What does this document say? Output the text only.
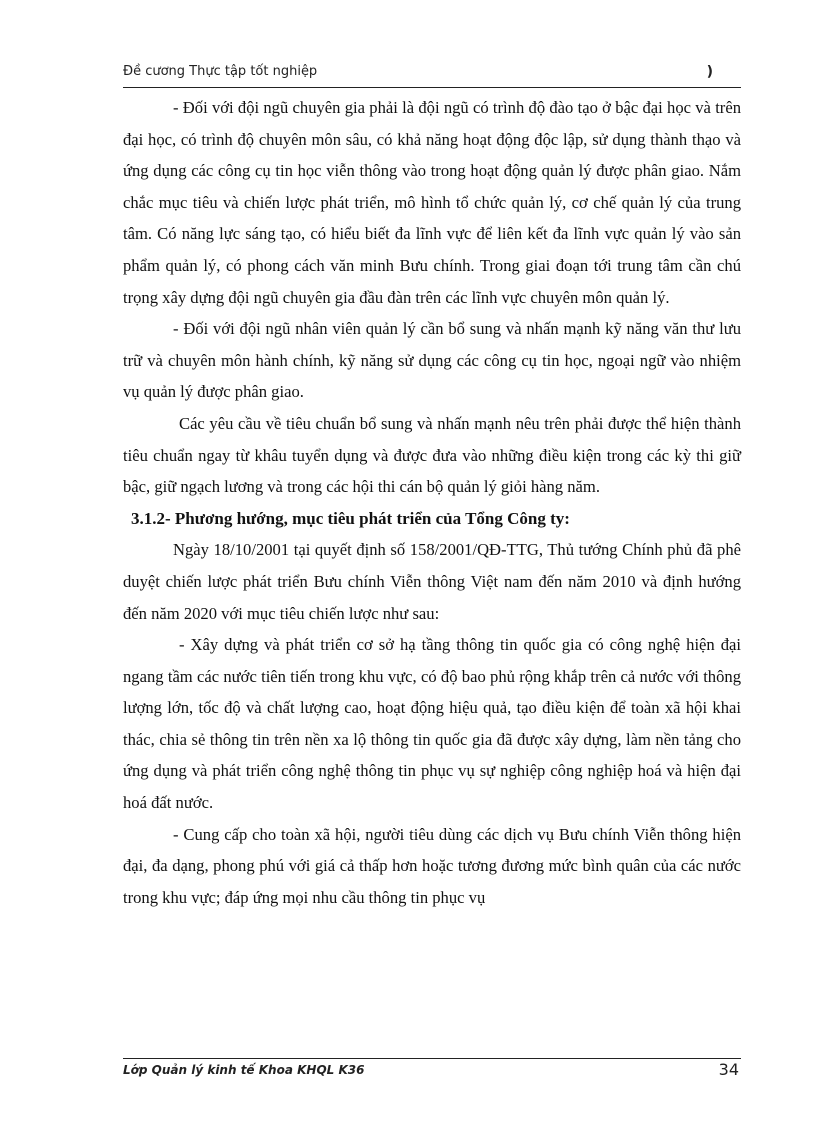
Đề cương Thực tập tốt nghiệp	)

- Đối với đội ngũ chuyên gia phải là đội ngũ có trình độ đào tạo ở bậc đại học và trên đại học, có trình độ chuyên môn sâu, có khả năng hoạt động độc lập, sử dụng thành thạo và ứng dụng các công cụ tin học viễn thông vào trong hoạt động quản lý được phân giao. Nắm chắc mục tiêu và chiến lược phát triển, mô hình tổ chức quản lý, cơ chế quản lý của trung tâm. Có năng lực sáng tạo, có hiểu biết đa lĩnh vực để liên kết đa lĩnh vực quản lý vào sản phẩm quản lý, có phong cách văn minh Bưu chính. Trong giai đoạn tới trung tâm cần chú trọng xây dựng đội ngũ chuyên gia đầu đàn trên các lĩnh vực chuyên môn quản lý.

- Đối với đội ngũ nhân viên quản lý cần bổ sung và nhấn mạnh kỹ năng văn thư lưu trữ và chuyên môn hành chính, kỹ năng sử dụng các công cụ tin học, ngoại ngữ vào nhiệm vụ quản lý được phân giao.

Các yêu cầu về tiêu chuẩn bổ sung và nhấn mạnh nêu trên phải được thể hiện thành tiêu chuẩn ngay từ khâu tuyển dụng và được đưa vào những điều kiện trong các kỳ thi giữ bậc, giữ ngạch lương và trong các hội thi cán bộ quản lý giỏi hàng năm.

3.1.2- Phương hướng, mục tiêu phát triển của Tổng Công ty:

Ngày 18/10/2001 tại quyết định số 158/2001/QĐ-TTG, Thủ tướng Chính phủ đã phê duyệt chiến lược phát triển Bưu chính Viễn thông Việt nam đến năm 2010 và định hướng đến năm 2020 với mục tiêu chiến lược như sau:

- Xây dựng và phát triển cơ sở hạ tầng thông tin quốc gia có công nghệ hiện đại ngang tầm các nước tiên tiến trong khu vực, có độ bao phủ rộng khắp trên cả nước với thông lượng lớn, tốc độ và chất lượng cao, hoạt động hiệu quả, tạo điều kiện để toàn xã hội khai thác, chia sẻ thông tin trên nền xa lộ thông tin quốc gia đã được xây dựng, làm nền tảng cho ứng dụng và phát triển công nghệ thông tin phục vụ sự nghiệp công nghiệp hoá và hiện đại hoá đất nước.

- Cung cấp cho toàn xã hội, người tiêu dùng các dịch vụ Bưu chính Viễn thông hiện đại, đa dạng, phong phú với giá cả thấp hơn hoặc tương đương mức bình quân của các nước trong khu vực; đáp ứng mọi nhu cầu thông tin phục vụ

Lớp Quản lý kinh tế Khoa KHQL K36	34
